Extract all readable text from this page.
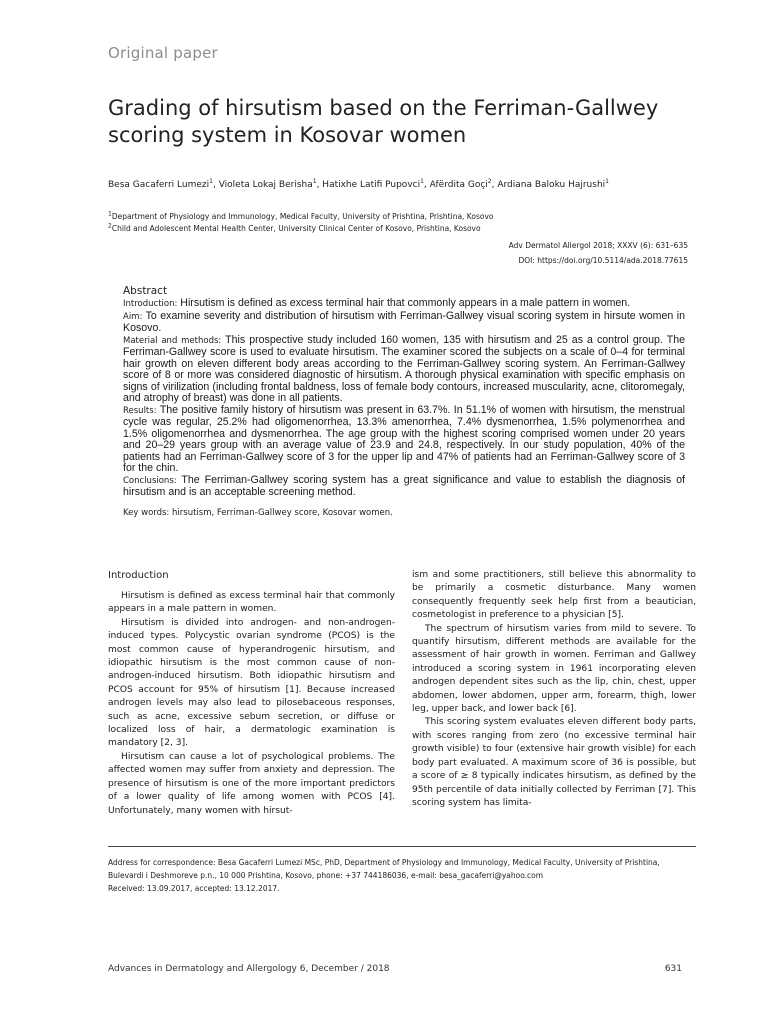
Original paper
Grading of hirsutism based on the Ferriman-Gallwey scoring system in Kosovar women
Besa Gacaferri Lumezi$^1$, Violeta Lokaj Berisha$^1$, Hatixhe Latifi Pupovci$^1$, Afërdita Goçi$^2$, Ardiana Baloku Hajrushi$^1$
$^1$Department of Physiology and Immunology, Medical Faculty, University of Prishtina, Prishtina, Kosovo
$^2$Child and Adolescent Mental Health Center, University Clinical Center of Kosovo, Prishtina, Kosovo
Adv Dermatol Allergol 2018; XXXV (6): 631–635
DOI: https://doi.org/10.5114/ada.2018.77615
Abstract

Introduction: Hirsutism is defined as excess terminal hair that commonly appears in a male pattern in women.

Aim: To examine severity and distribution of hirsutism with Ferriman-Gallwey visual scoring system in hirsute women in Kosovo.

Material and methods: This prospective study included 160 women, 135 with hirsutism and 25 as a control group. The Ferriman-Gallwey score is used to evaluate hirsutism. The examiner scored the subjects on a scale of 0–4 for terminal hair growth on eleven different body areas according to the Ferriman-Gallwey scoring system. An Ferriman-Gallwey score of 8 or more was considered diagnostic of hirsutism. A thorough physical examination with specific emphasis on signs of virilization (including frontal baldness, loss of female body contours, increased muscularity, acne, clitoromegaly, and atrophy of breast) was done in all patients.

Results: The positive family history of hirsutism was present in 63.7%. In 51.1% of women with hirsutism, the menstrual cycle was regular, 25.2% had oligomenorrhea, 13.3% amenorrhea, 7.4% dysmenorrhea, 1.5% polymenorrhea and 1.5% oligomenorrhea and dysmenorrhea. The age group with the highest scoring comprised women under 20 years and 20–29 years group with an average value of 23.9 and 24.8, respectively. In our study population, 40% of the patients had an Ferriman-Gallwey score of 3 for the upper lip and 47% of patients had an Ferriman-Gallwey score of 3 for the chin.

Conclusions: The Ferriman-Gallwey scoring system has a great significance and value to establish the diagnosis of hirsutism and is an acceptable screening method.

Key words: hirsutism, Ferriman-Gallwey score, Kosovar women.

Introduction

Hirsutism is defined as excess terminal hair that commonly appears in a male pattern in women.

Hirsutism is divided into androgen- and non-androgen-induced types. Polycystic ovarian syndrome (PCOS) is the most common cause of hyperandrogenic hirsutism, and idiopathic hirsutism is the most common cause of non-androgen-induced hirsutism. Both idiopathic hirsutism and PCOS account for 95% of hirsutism [1]. Because increased androgen levels may also lead to pilosebaceous responses, such as acne, excessive sebum secretion, or diffuse or localized loss of hair, a dermatologic examination is mandatory [2, 3].

Hirsutism can cause a lot of psychological problems. The affected women may suffer from anxiety and depression. The presence of hirsutism is one of the more important predictors of a lower quality of life among women with PCOS [4]. Unfortunately, many women with hirsut-

ism and some practitioners, still believe this abnormality to be primarily a cosmetic disturbance. Many women consequently frequently seek help first from a beautician, cosmetologist in preference to a physician [5].

The spectrum of hirsutism varies from mild to severe. To quantify hirsutism, different methods are available for the assessment of hair growth in women. Ferriman and Gallwey introduced a scoring system in 1961 incorporating eleven androgen dependent sites such as the lip, chin, chest, upper abdomen, lower abdomen, upper arm, forearm, thigh, lower leg, upper back, and lower back [6].

This scoring system evaluates eleven different body parts, with scores ranging from zero (no excessive terminal hair growth visible) to four (extensive hair growth visible) for each body part evaluated. A maximum score of 36 is possible, but a score of ≥ 8 typically indicates hirsutism, as defined by the 95th percentile of data initially collected by Ferriman [7]. This scoring system has limita-

Address for correspondence: Besa Gacaferri Lumezi MSc, PhD, Department of Physiology and Immunology, Medical Faculty, University of Prishtina, Bulevardi i Deshmoreve p.n., 10 000 Prishtina, Kosovo, phone: +37 744186036, e-mail: besa_gacaferri@yahoo.com
Received: 13.09.2017, accepted: 13.12.2017.
Advances in Dermatology and Allergology 6, December / 2018	631
